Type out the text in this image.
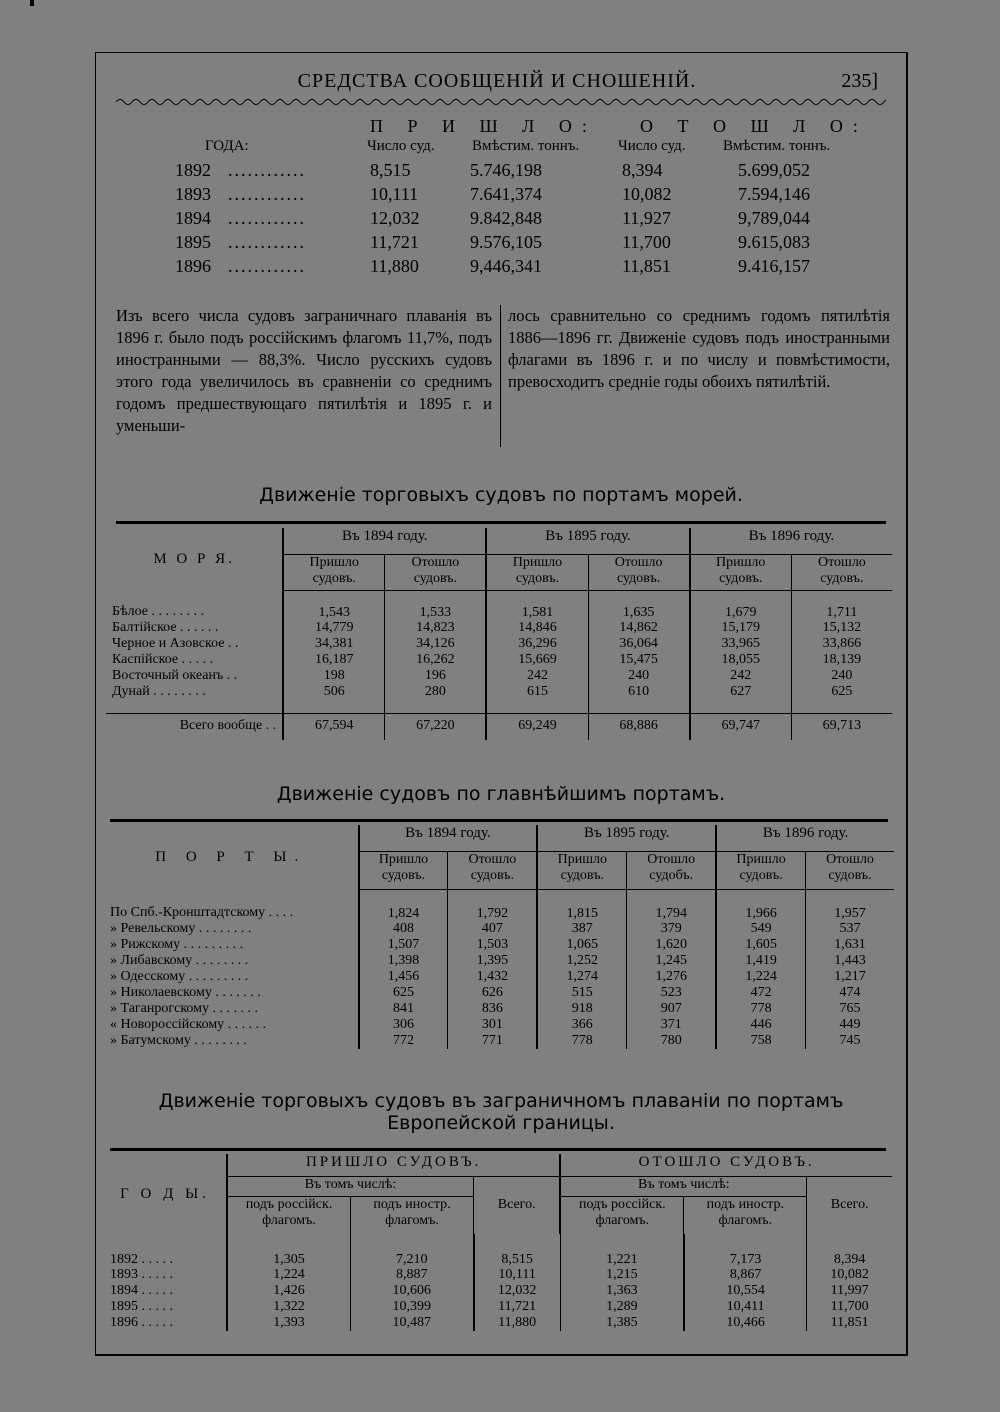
СРЕДСТВА СООБЩЕНIЙ И СНОШЕНIЙ.	235]
П Р И Ш Л О: О Т О Ш Л О:
ГОДА:	Число суд. Вмѣстим. тоннъ.	Число суд. Вмѣстим. тоннъ.
1892 ............	8,515	5.746,198	8,394	5.699,052
1893 ............	10,111	7.641,374	10,082	7.594,146
1894 ............	12,032	9.842,848	11,927	9,789,044
1895 ............	11,721	9.576,105	11,700	9.615,083
1896 ............	11,880	9,446,341	11,851	9.416,157
Изъ всего числа судовъ заграничнаго плаванія въ 1896 г. было подъ россійскимъ флагомъ 11,7%, подъ иностранными — 88,3%. Число русскихъ судовъ этого года увеличилось въ сравненіи со среднимъ годомъ предшествующаго пятилѣтія и 1895 г. и уменьши-
лось сравнительно со среднимъ годомъ пятилѣтія 1886—1896 гг. Движеніе судовъ подъ иностранными флагами въ 1896 г. и по числу и повмѣстимости, превосходитъ средніе годы обоихъ пятилѣтій.
Движеніе торговыхъ судовъ по портамъ морей.
М О Р Я.	Въ 1894 году.		Въ 1895 году.		Въ 1896 году.	
	Пришло судовъ.	Отошло судовъ.	Пришло судовъ.	Отошло судовъ.	Пришло судовъ.	Отошло судовъ.
Бѣлое . . . . . . . .	1,543	1,533	1,581	1,635	1,679	1,711
Балтійское . . . . . .	14,779	14,823	14,846	14,862	15,179	15,132
Черное и Азовское . .	34,381	34,126	36,296	36,064	33,965	33,866
Каспійское . . . . .	16,187	16,262	15,669	15,475	18,055	18,139
Восточный океанъ . .	198	196	242	240	242	240
Дунай . . . . . . . .	506	280	615	610	627	625

Всего вообще . .	67,594	67,220	69,249	68,886	69,747	69,713
Движеніе судовъ по главнѣйшимъ портамъ.
П О Р Т Ы.	Въ 1894 году.		Въ 1895 году.		Въ 1896 году.	
	Пришло судовъ.	Отошло судовъ.	Пришло судовъ.	Отошло судобъ.	Пришло судовъ.	Отошло судовъ.
По Спб.-Кронштадтскому . . . .	1,824	1,792	1,815	1,794	1,966	1,957
» Ревельскому . . . . . . . .	408	407	387	379	549	537
» Рижскому . . . . . . . . .	1,507	1,503	1,065	1,620	1,605	1,631
» Либавскому . . . . . . . .	1,398	1,395	1,252	1,245	1,419	1,443
» Одесскому . . . . . . . . .	1,456	1,432	1,274	1,276	1,224	1,217
» Николаевскому . . . . . . .	625	626	515	523	472	474
» Таганрогскому . . . . . . .	841	836	918	907	778	765
« Новороссійскому . . . . . .	306	301	366	371	446	449
» Батумскому . . . . . . . .	772	771	778	780	758	745
Движеніе торговыхъ судовъ въ заграничномъ плаваніи по портамъ
Европейской границы.
Г О Д Ы.	ПРИШЛО СУДОВЪ.			ОТОШЛО СУДОВЪ.		
	Въ томъ числѣ:		Всего.	Въ томъ числѣ:		Всего.
	подъ россійск. флагомъ.	подъ иностр. флагомъ.		подъ россійск. флагомъ.	подъ иностр. флагомъ.	
1892 . . . . .	1,305	7,210	8,515	1,221	7,173	8,394
1893 . . . . .	1,224	8,887	10,111	1,215	8,867	10,082
1894 . . . . .	1,426	10,606	12,032	1,363	10,554	11,997
1895 . . . . .	1,322	10,399	11,721	1,289	10,411	11,700
1896 . . . . .	1,393	10,487	11,880	1,385	10,466	11,851
